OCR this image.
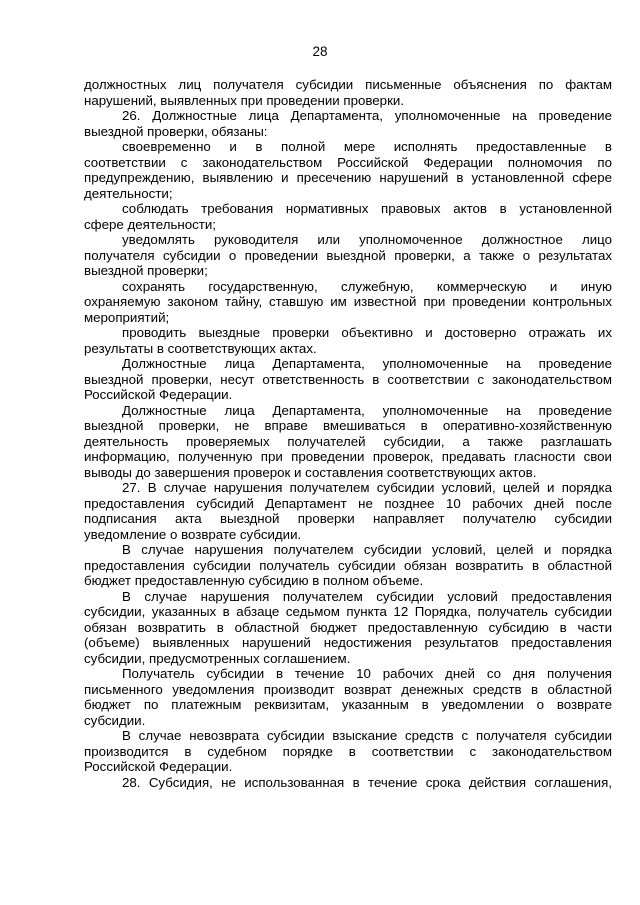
28
должностных лиц получателя субсидии письменные объяснения по фактам
нарушений, выявленных при проведении проверки.
26. Должностные лица Департамента, уполномоченные на проведение
выездной проверки, обязаны:
своевременно и в полной мере исполнять предоставленные в
соответствии с законодательством Российской Федерации полномочия по
предупреждению, выявлению и пресечению нарушений в установленной сфере
деятельности;
соблюдать требования нормативных правовых актов в установленной
сфере деятельности;
уведомлять руководителя или уполномоченное должностное лицо
получателя субсидии о проведении выездной проверки, а также о результатах
выездной проверки;
сохранять государственную, служебную, коммерческую и иную
охраняемую законом тайну, ставшую им известной при проведении контрольных
мероприятий;
проводить выездные проверки объективно и достоверно отражать их
результаты в соответствующих актах.
Должностные лица Департамента, уполномоченные на проведение
выездной проверки, несут ответственность в соответствии с законодательством
Российской Федерации.
Должностные лица Департамента, уполномоченные на проведение
выездной проверки, не вправе вмешиваться в оперативно-хозяйственную
деятельность проверяемых получателей субсидии, а также разглашать
информацию, полученную при проведении проверок, предавать гласности свои
выводы до завершения проверок и составления соответствующих актов.
27. В случае нарушения получателем субсидии условий, целей и порядка
предоставления субсидий Департамент не позднее 10 рабочих дней после
подписания акта выездной проверки направляет получателю субсидии
уведомление о возврате субсидии.
В случае нарушения получателем субсидии условий, целей и порядка
предоставления субсидии получатель субсидии обязан возвратить в областной
бюджет предоставленную субсидию в полном объеме.
В случае нарушения получателем субсидии условий предоставления
субсидии, указанных в абзаце седьмом пункта 12 Порядка, получатель субсидии
обязан возвратить в областной бюджет предоставленную субсидию в части
(объеме) выявленных нарушений недостижения результатов предоставления
субсидии, предусмотренных соглашением.
Получатель субсидии в течение 10 рабочих дней со дня получения
письменного уведомления производит возврат денежных средств в областной
бюджет по платежным реквизитам, указанным в уведомлении о возврате
субсидии.
В случае невозврата субсидии взыскание средств с получателя субсидии
производится в судебном порядке в соответствии с законодательством
Российской Федерации.
28. Субсидия, не использованная в течение срока действия соглашения,
